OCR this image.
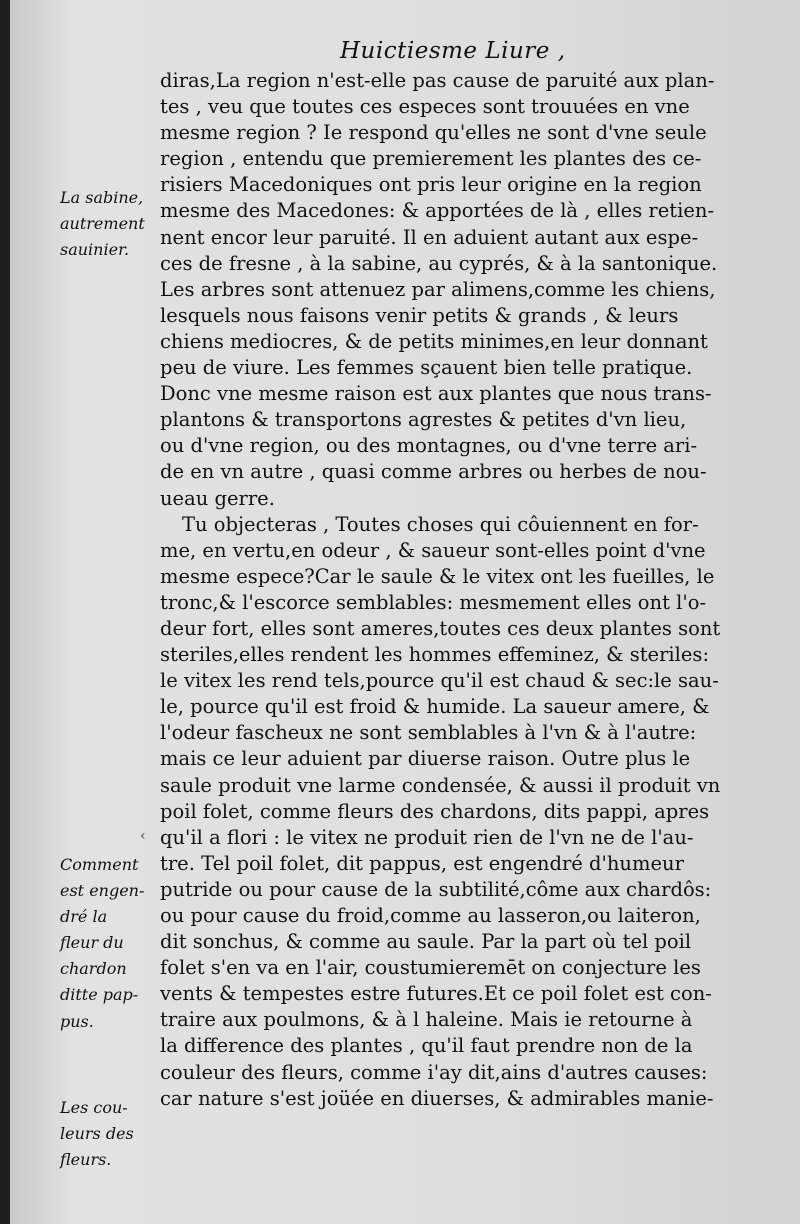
Huictiesme Liure ,
diras,La region n'est-elle pas cause de paruité aux plan-
tes , veu que toutes ces especes sont trouuées en vne
mesme region ? Ie respond qu'elles ne sont d'vne seule
region , entendu que premierement les plantes des ce-
risiers Macedoniques ont pris leur origine en la region
mesme des Macedones: & apportées de là , elles retien-
nent encor leur paruité. Il en aduient autant aux espe-
ces de fresne , à la sabine, au cyprés, & à la santonique.
Les arbres sont attenuez par alimens,comme les chiens,
lesquels nous faisons venir petits & grands , & leurs
chiens mediocres, & de petits minimes,en leur donnant
peu de viure. Les femmes sçauent bien telle pratique.
Donc vne mesme raison est aux plantes que nous trans-
plantons & transportons agrestes & petites d'vn lieu,
ou d'vne region, ou des montagnes, ou d'vne terre ari-
de en vn autre , quasi comme arbres ou herbes de nou-
ueau gerre.
Tu objecteras , Toutes choses qui côuiennent en for-
me, en vertu,en odeur , & saueur sont-elles point d'vne
mesme espece?Car le saule & le vitex ont les fueilles, le
tronc,& l'escorce semblables: mesmement elles ont l'o-
deur fort, elles sont ameres,toutes ces deux plantes sont
steriles,elles rendent les hommes effeminez, & steriles:
le vitex les rend tels,pource qu'il est chaud & sec:le sau-
le, pource qu'il est froid & humide. La saueur amere, &
l'odeur fascheux ne sont semblables à l'vn & à l'autre:
mais ce leur aduient par diuerse raison. Outre plus le
saule produit vne larme condensée, & aussi il produit vn
poil folet, comme fleurs des chardons, dits pappi, apres
qu'il a flori : le vitex ne produit rien de l'vn ne de l'au-
tre. Tel poil folet, dit pappus, est engendré d'humeur
putride ou pour cause de la subtilité,côme aux chardôs:
ou pour cause du froid,comme au lasseron,ou laiteron,
dit sonchus, & comme au saule. Par la part où tel poil
folet s'en va en l'air, coustumieremēt on conjecture les
vents & tempestes estre futures.Et ce poil folet est con-
traire aux poulmons, & à l haleine. Mais ie retourne à
la difference des plantes , qu'il faut prendre non de la
couleur des fleurs, comme i'ay dit,ains d'autres causes:
car nature s'est joüée en diuerses, & admirables manie-
La sabine,
autrement
sauinier.
Comment
est engen-
dré la
fleur du
chardon
ditte pap-
pus.
Les cou-
leurs des
fleurs.
‹
